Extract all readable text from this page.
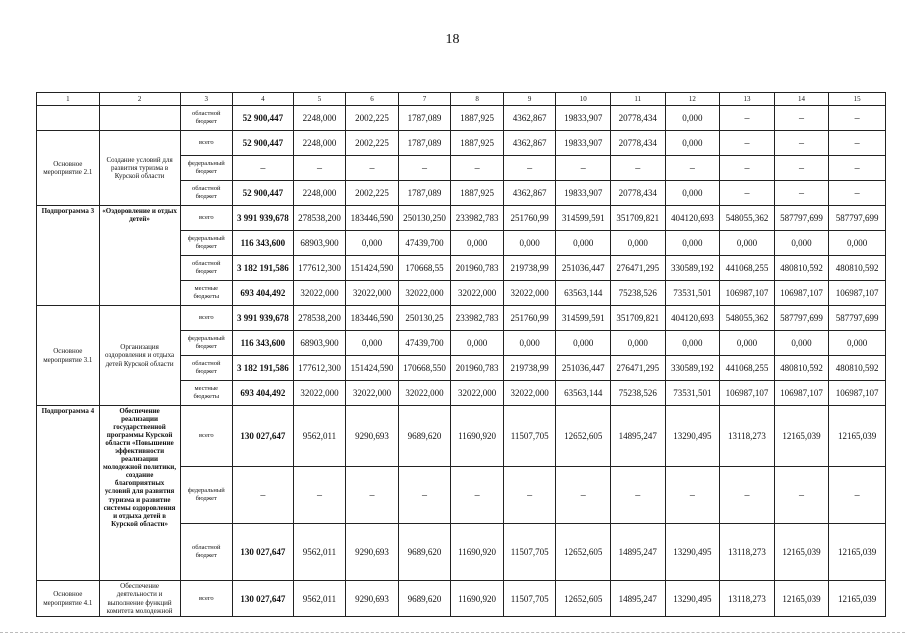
18
1	2	3	4	5	6	7	8	9	10	11	12	13	14	15
		областной бюджет	52 900,447	2248,000	2002,225	1787,089	1887,925	4362,867	19833,907	20778,434	0,000	–	–	–
Основное мероприятие 2.1	Создание условий для развития туризма в Курской области	всего	52 900,447	2248,000	2002,225	1787,089	1887,925	4362,867	19833,907	20778,434	0,000	–	–	–
		федеральный бюджет	–	–	–	–	–	–	–	–	–	–	–	–
		областной бюджет	52 900,447	2248,000	2002,225	1787,089	1887,925	4362,867	19833,907	20778,434	0,000	–	–	–
Подпрограмма 3	«Оздоровление и отдых детей»	всего	3 991 939,678	278538,200	183446,590	250130,250	233982,783	251760,99	314599,591	351709,821	404120,693	548055,362	587797,699	587797,699
		федеральный бюджет	116 343,600	68903,900	0,000	47439,700	0,000	0,000	0,000	0,000	0,000	0,000	0,000	0,000
		областной бюджет	3 182 191,586	177612,300	151424,590	170668,55	201960,783	219738,99	251036,447	276471,295	330589,192	441068,255	480810,592	480810,592
		местные бюджеты	693 404,492	32022,000	32022,000	32022,000	32022,000	32022,000	63563,144	75238,526	73531,501	106987,107	106987,107	106987,107
Основное мероприятие 3.1	Организация оздоровления и отдыха детей Курской области	всего	3 991 939,678	278538,200	183446,590	250130,25	233982,783	251760,99	314599,591	351709,821	404120,693	548055,362	587797,699	587797,699
		федеральный бюджет	116 343,600	68903,900	0,000	47439,700	0,000	0,000	0,000	0,000	0,000	0,000	0,000	0,000
		областной бюджет	3 182 191,586	177612,300	151424,590	170668,550	201960,783	219738,99	251036,447	276471,295	330589,192	441068,255	480810,592	480810,592
		местные бюджеты	693 404,492	32022,000	32022,000	32022,000	32022,000	32022,000	63563,144	75238,526	73531,501	106987,107	106987,107	106987,107
Подпрограмма 4	Обеспечение реализации государственной программы Курской области «Повышение эффективности реализации молодежной политики, создание благоприятных условий для развития туризма и развитие системы оздоровления и отдыха детей в Курской области»	всего	130 027,647	9562,011	9290,693	9689,620	11690,920	11507,705	12652,605	14895,247	13290,495	13118,273	12165,039	12165,039
		федеральный бюджет	–	–	–	–	–	–	–	–	–	–	–	–
		областной бюджет	130 027,647	9562,011	9290,693	9689,620	11690,920	11507,705	12652,605	14895,247	13290,495	13118,273	12165,039	12165,039
Основное мероприятие 4.1	Обеспечение деятельности и выполнение функций комитета молодежной	всего	130 027,647	9562,011	9290,693	9689,620	11690,920	11507,705	12652,605	14895,247	13290,495	13118,273	12165,039	12165,039
